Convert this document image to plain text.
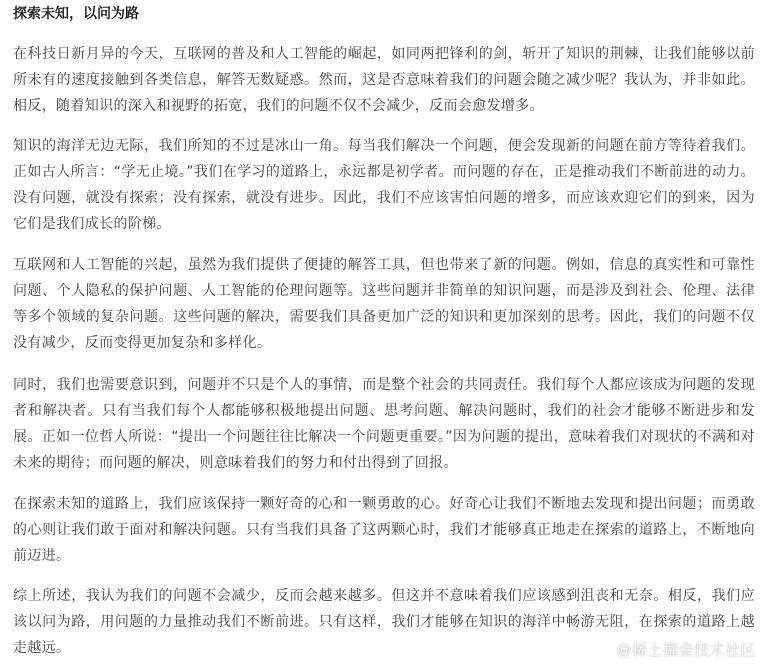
探索未知，以问为路

在科技日新月异的今天，互联网的普及和人工智能的崛起，如同两把锋利的剑，斩开了知识的荆棘，让我们能够以前所未有的速度接触到各类信息，解答无数疑惑。然而，这是否意味着我们的问题会随之减少呢？我认为，并非如此。相反，随着知识的深入和视野的拓宽，我们的问题不仅不会减少，反而会愈发增多。

知识的海洋无边无际，我们所知的不过是冰山一角。每当我们解决一个问题，便会发现新的问题在前方等待着我们。正如古人所言：“学无止境。”我们在学习的道路上，永远都是初学者。而问题的存在，正是推动我们不断前进的动力。没有问题，就没有探索；没有探索，就没有进步。因此，我们不应该害怕问题的增多，而应该欢迎它们的到来，因为它们是我们成长的阶梯。

互联网和人工智能的兴起，虽然为我们提供了便捷的解答工具，但也带来了新的问题。例如，信息的真实性和可靠性问题、个人隐私的保护问题、人工智能的伦理问题等。这些问题并非简单的知识问题，而是涉及到社会、伦理、法律等多个领域的复杂问题。这些问题的解决，需要我们具备更加广泛的知识和更加深刻的思考。因此，我们的问题不仅没有减少，反而变得更加复杂和多样化。

同时，我们也需要意识到，问题并不只是个人的事情，而是整个社会的共同责任。我们每个人都应该成为问题的发现者和解决者。只有当我们每个人都能够积极地提出问题、思考问题、解决问题时，我们的社会才能够不断进步和发展。正如一位哲人所说：“提出一个问题往往比解决一个问题更重要。”因为问题的提出，意味着我们对现状的不满和对未来的期待；而问题的解决，则意味着我们的努力和付出得到了回报。

在探索未知的道路上，我们应该保持一颗好奇的心和一颗勇敢的心。好奇心让我们不断地去发现和提出问题；而勇敢的心则让我们敢于面对和解决问题。只有当我们具备了这两颗心时，我们才能够真正地走在探索的道路上，不断地向前迈进。

综上所述，我认为我们的问题不会减少，反而会越来越多。但这并不意味着我们应该感到沮丧和无奈。相反，我们应该以问为路，用问题的力量推动我们不断前进。只有这样，我们才能够在知识的海洋中畅游无阻，在探索的道路上越走越远。	@稀土掘金技术社区
